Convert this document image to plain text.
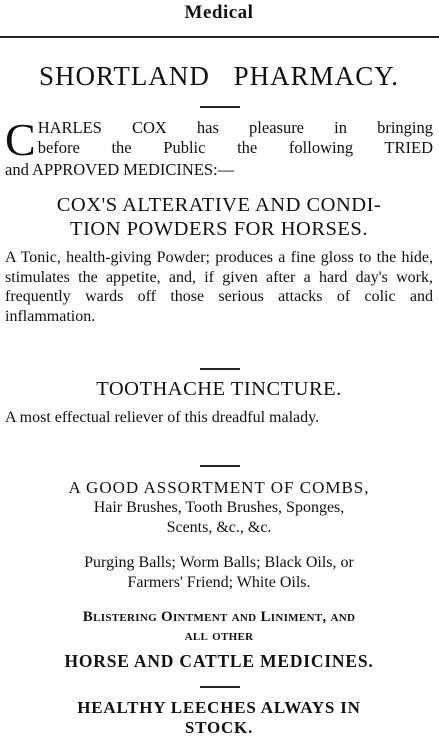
Medical
SHORTLAND PHARMACY.
C HARLES COX has pleasure in bringing
before the Public the following TRIED
and APPROVED MEDICINES:—
COX'S ALTERATIVE AND CONDI-
TION POWDERS FOR HORSES.
A Tonic, health-giving Powder; produces a fine gloss to the hide, stimulates the appetite, and, if given after a hard day's work, frequently wards off those serious attacks of colic and inflammation.
TOOTHACHE TINCTURE.
A most effectual reliever of this dreadful malady.
A GOOD ASSORTMENT OF COMBS,
Hair Brushes, Tooth Brushes, Sponges,
Scents, &c., &c.
Purging Balls; Worm Balls; Black Oils, or
Farmers' Friend; White Oils.
Blistering Ointment and Liniment, and
all other
HORSE AND CATTLE MEDICINES.
HEALTHY LEECHES ALWAYS IN
STOCK.
